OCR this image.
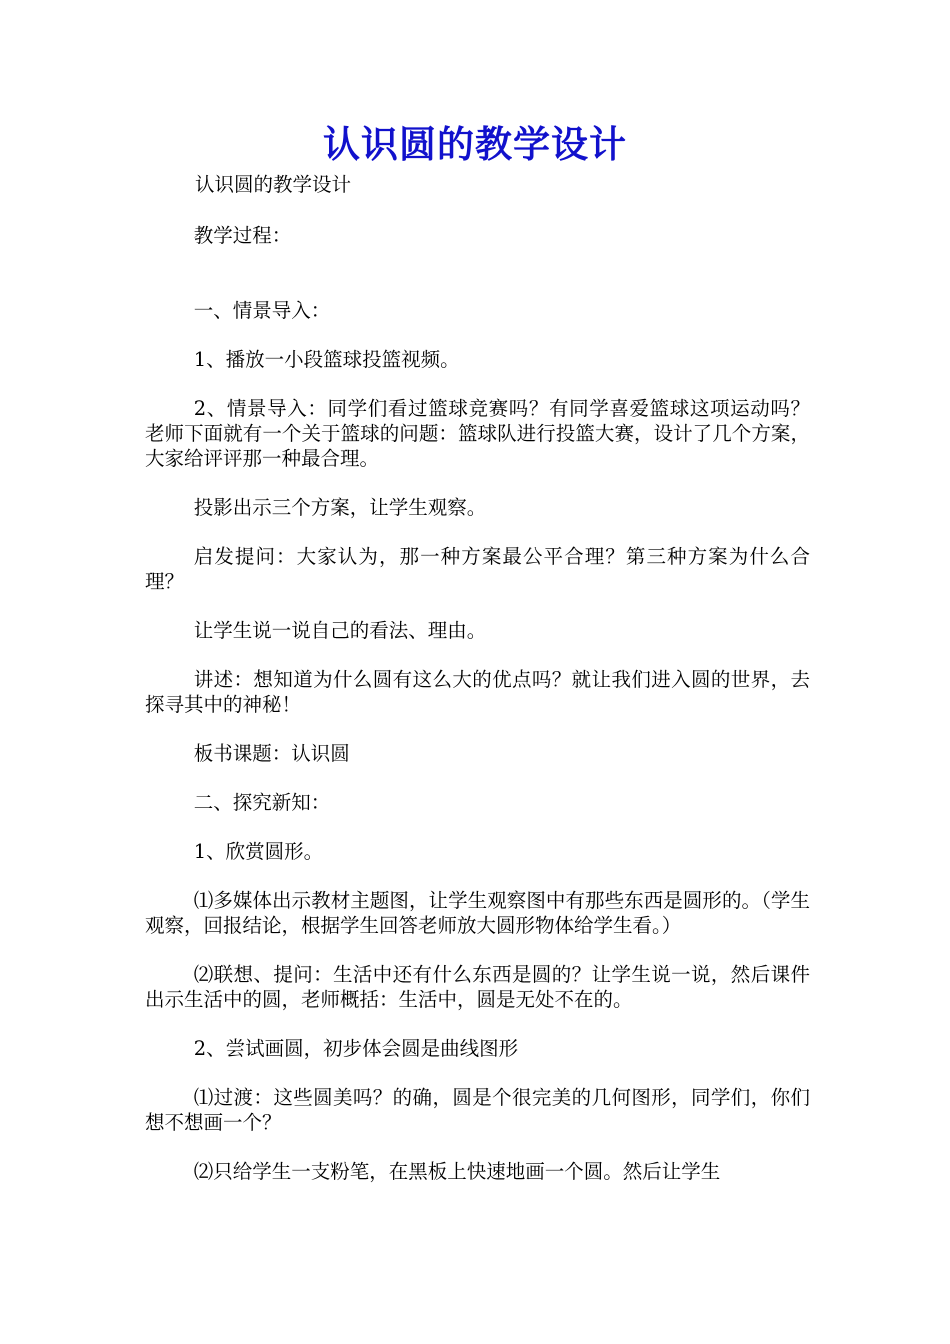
认识圆的教学设计

认识圆的教学设计

教学过程：

一、情景导入：

1、播放一小段篮球投篮视频。

2、情景导入：同学们看过篮球竞赛吗？有同学喜爱篮球这项运动吗？老师下面就有一个关于篮球的问题：篮球队进行投篮大赛，设计了几个方案，大家给评评那一种最合理。

投影出示三个方案，让学生观察。

启发提问：大家认为，那一种方案最公平合理？第三种方案为什么合理？

让学生说一说自己的看法、理由。

讲述：想知道为什么圆有这么大的优点吗？就让我们进入圆的世界，去探寻其中的神秘！

板书课题：认识圆

二、探究新知：

1、欣赏圆形。

⑴多媒体出示教材主题图，让学生观察图中有那些东西是圆形的。（学生观察，回报结论，根据学生回答老师放大圆形物体给学生看。）

⑵联想、提问：生活中还有什么东西是圆的？让学生说一说，然后课件出示生活中的圆，老师概括：生活中，圆是无处不在的。

2、尝试画圆，初步体会圆是曲线图形

⑴过渡：这些圆美吗？的确，圆是个很完美的几何图形，同学们，你们想不想画一个？

⑵只给学生一支粉笔，在黑板上快速地画一个圆。然后让学生
